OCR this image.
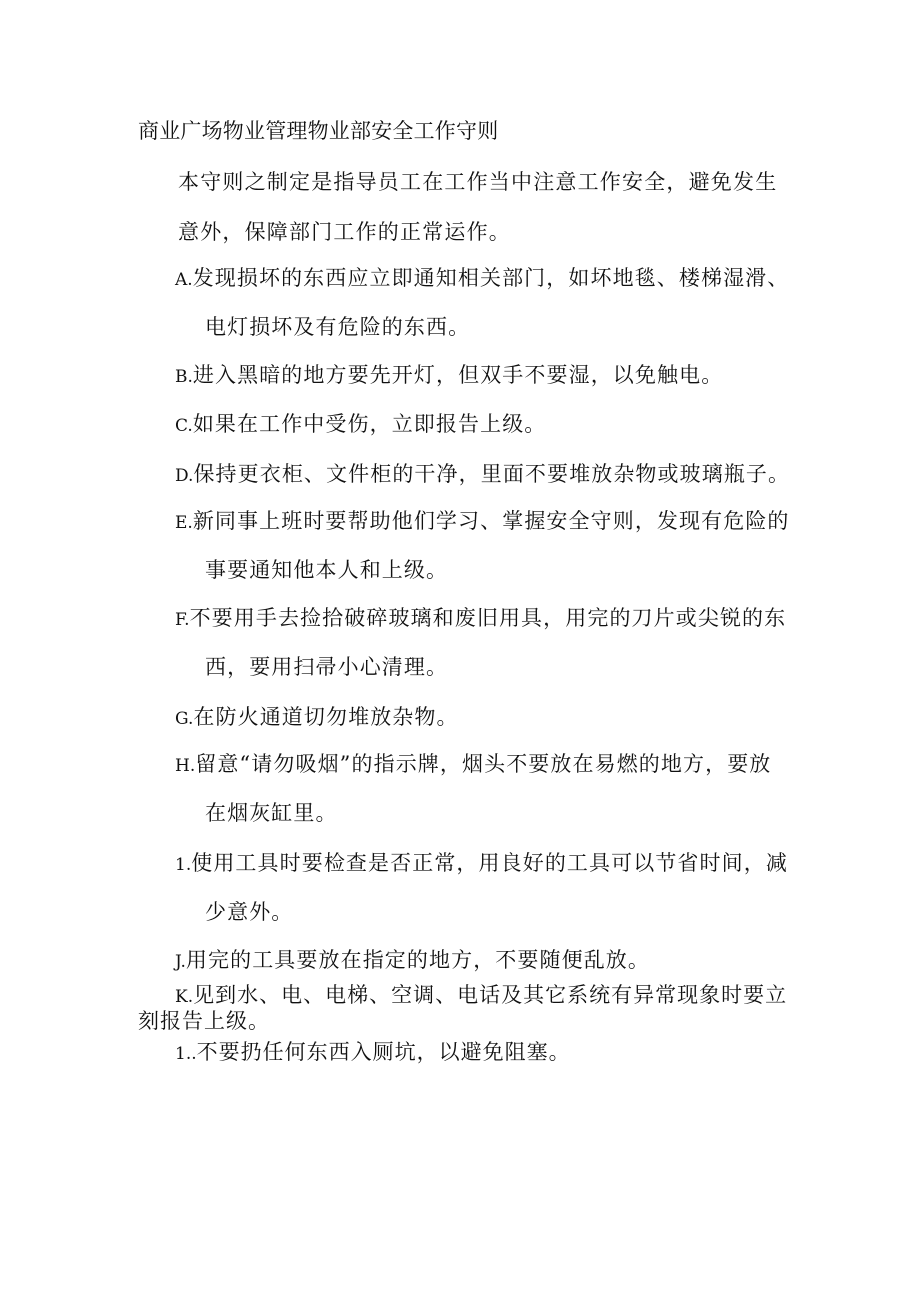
商业广场物业管理物业部安全工作守则
本守则之制定是指导员工在工作当中注意工作安全，避免发生
意外，保障部门工作的正常运作。
A.发现损坏的东西应立即通知相关部门，如坏地毯、楼梯湿滑、
电灯损坏及有危险的东西。
B.进入黑暗的地方要先开灯，但双手不要湿，以免触电。
C.如果在工作中受伤，立即报告上级。
D.保持更衣柜、文件柜的干净，里面不要堆放杂物或玻璃瓶子。
E.新同事上班时要帮助他们学习、掌握安全守则，发现有危险的
事要通知他本人和上级。
F.不要用手去捡拾破碎玻璃和废旧用具，用完的刀片或尖锐的东
西，要用扫帚小心清理。
G.在防火通道切勿堆放杂物。
H.留意“请勿吸烟”的指示牌，烟头不要放在易燃的地方，要放
在烟灰缸里。
1.使用工具时要检查是否正常，用良好的工具可以节省时间，减
少意外。
J.用完的工具要放在指定的地方，不要随便乱放。
K.见到水、电、电梯、空调、电话及其它系统有异常现象时要立
刻报告上级。
1..不要扔任何东西入厕坑，以避免阻塞。
